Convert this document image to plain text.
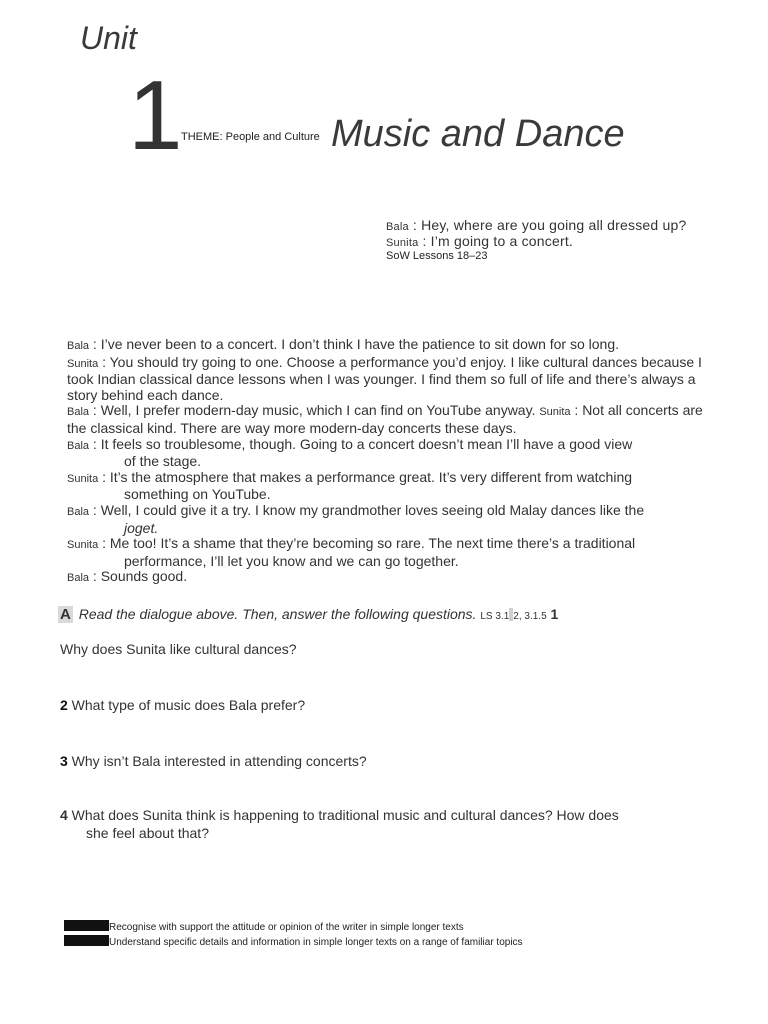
Unit
1 THEME: People and Culture Music and Dance
Bala : Hey, where are you going all dressed up?
Sunita : I’m going to a concert.
SoW Lessons 18–23

Bala : I’ve never been to a concert. I don’t think I have the patience to sit down for so long.

Sunita : You should try going to one. Choose a performance you’d enjoy. I like cultural dances because I took Indian classical dance lessons when I was younger. I find them so full of life and there’s always a story behind each dance.

Bala : Well, I prefer modern-day music, which I can find on YouTube anyway. Sunita : Not all concerts are the classical kind. There are way more modern-day concerts these days.

Bala : It feels so troublesome, though. Going to a concert doesn’t mean I’ll have a good view

of the stage.

Sunita : It’s the atmosphere that makes a performance great. It’s very different from watching

something on YouTube.

Bala : Well, I could give it a try. I know my grandmother loves seeing old Malay dances like the

joget.

Sunita : Me too! It’s a shame that they’re becoming so rare. The next time there’s a traditional

performance, I’ll let you know and we can go together.

Bala : Sounds good.

A Read the dialogue above. Then, answer the following questions. LS 3.1 2, 3.1.5 1
Why does Sunita like cultural dances?
2 What type of music does Bala prefer?
3 Why isn’t Bala interested in attending concerts?
4 What does Sunita think is happening to traditional music and cultural dances? How does
she feel about that?
Recognise with support the attitude or opinion of the writer in simple longer texts
Understand specific details and information in simple longer texts on a range of familiar topics
